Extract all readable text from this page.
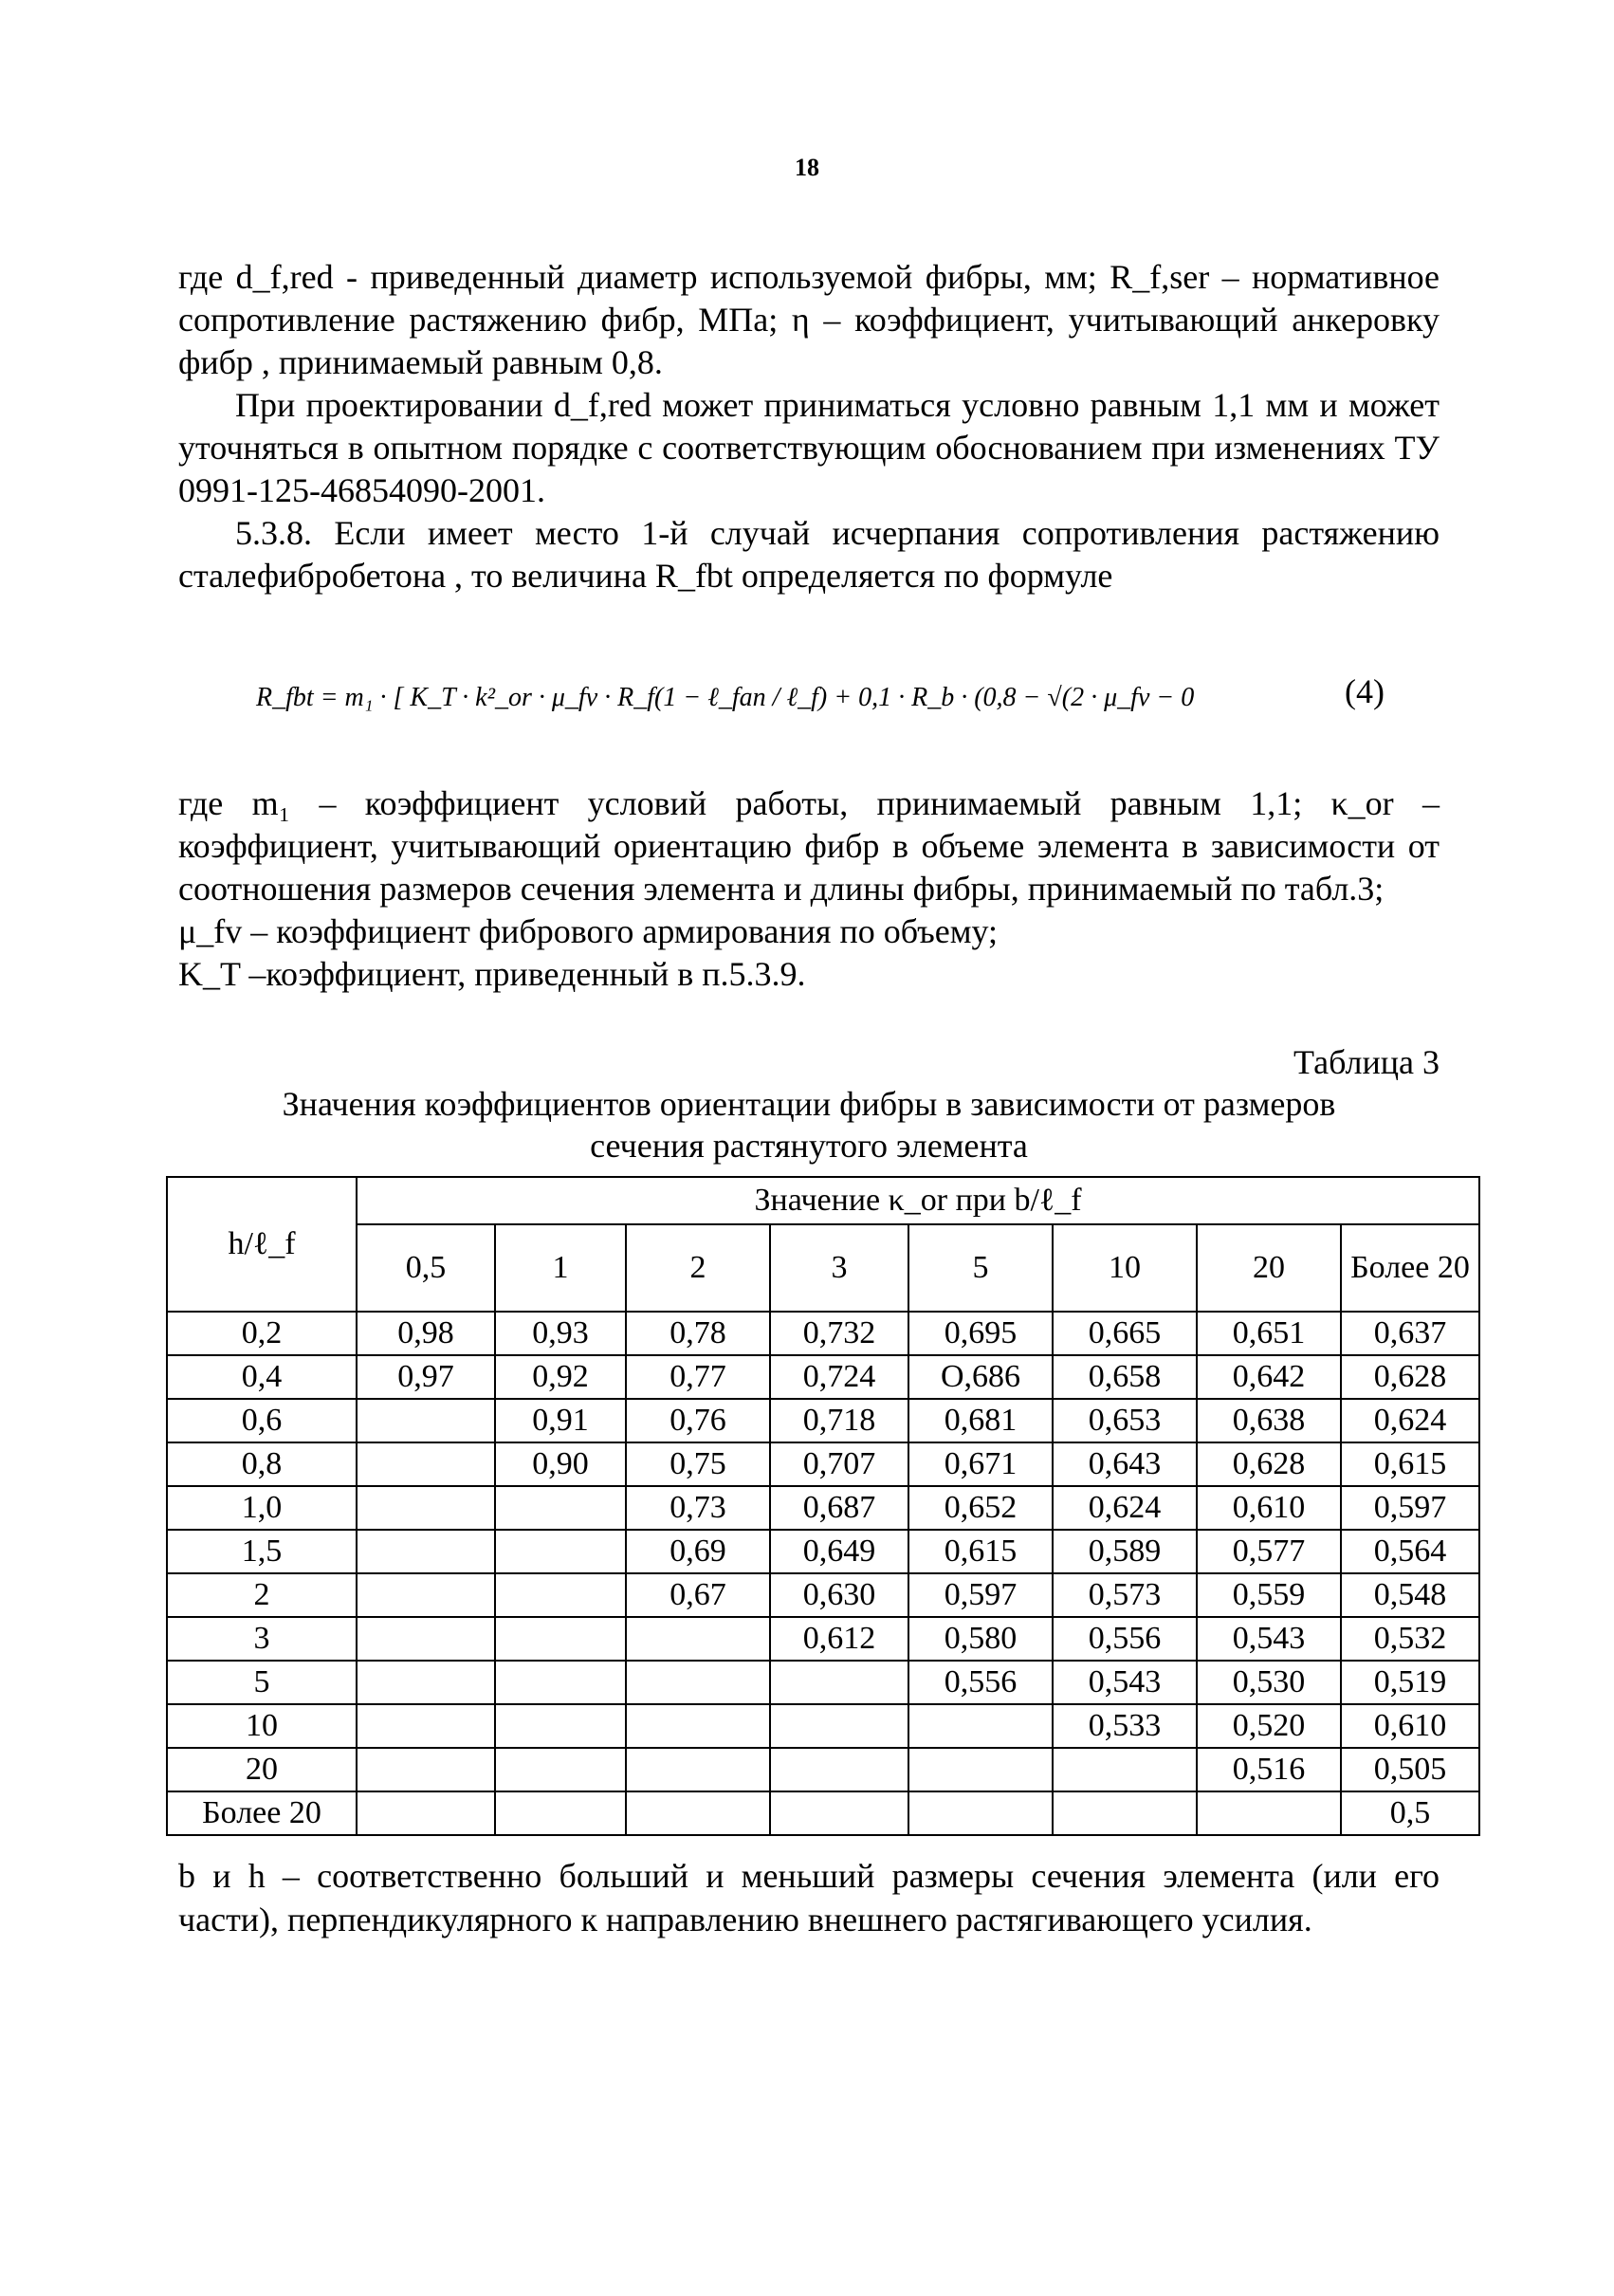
18

где d_f,red - приведенный диаметр используемой фибры, мм; R_f,ser – нормативное сопротивление растяжению фибр, МПа; η – коэффициент, учитывающий анкеровку фибр , принимаемый равным 0,8.

При проектировании d_f,red может приниматься условно равным 1,1 мм и может уточняться в опытном порядке с соответствующим обоснованием при изменениях ТУ 0991-125-46854090-2001.

5.3.8. Если имеет место 1-й случай исчерпания сопротивления растяжению сталефибробетона , то величина R_fbt определяется по формуле

R_fbt = m₁ · [ K_T · k²_or · μ_fv · R_f(1 − ℓ_fan / ℓ_f) + 0,1 · R_b · (0,8 − √(2 · μ_fv − 0,005)) ], (4)

где m₁ – коэффициент условий работы, принимаемый равным 1,1; κ_or – коэффициент, учитывающий ориентацию фибр в объеме элемента в зависимости от соотношения размеров сечения элемента и длины фибры, принимаемый по табл.3;

μ_fv – коэффициент фибрового армирования по объему;

K_T –коэффициент, приведенный в п.5.3.9.

Таблица 3
Значения коэффициентов ориентации фибры в зависимости от размеров
сечения растянутого элемента
h/ℓ_f	Значение κ_or при b/ℓ_f							
	0,5	1	2	3	5	10	20	Более 20
0,2	0,98	0,93	0,78	0,732	0,695	0,665	0,651	0,637
0,4	0,97	0,92	0,77	0,724	О,686	0,658	0,642	0,628
0,6		0,91	0,76	0,718	0,681	0,653	0,638	0,624
0,8		0,90	0,75	0,707	0,671	0,643	0,628	0,615
1,0			0,73	0,687	0,652	0,624	0,610	0,597
1,5			0,69	0,649	0,615	0,589	0,577	0,564
2			0,67	0,630	0,597	0,573	0,559	0,548
3				0,612	0,580	0,556	0,543	0,532
5					0,556	0,543	0,530	0,519
10						0,533	0,520	0,610
20							0,516	0,505
Более 20								0,5
b и h – соответственно больший и меньший размеры сечения элемента (или его части), перпендикулярного к направлению внешнего растягивающего усилия.
